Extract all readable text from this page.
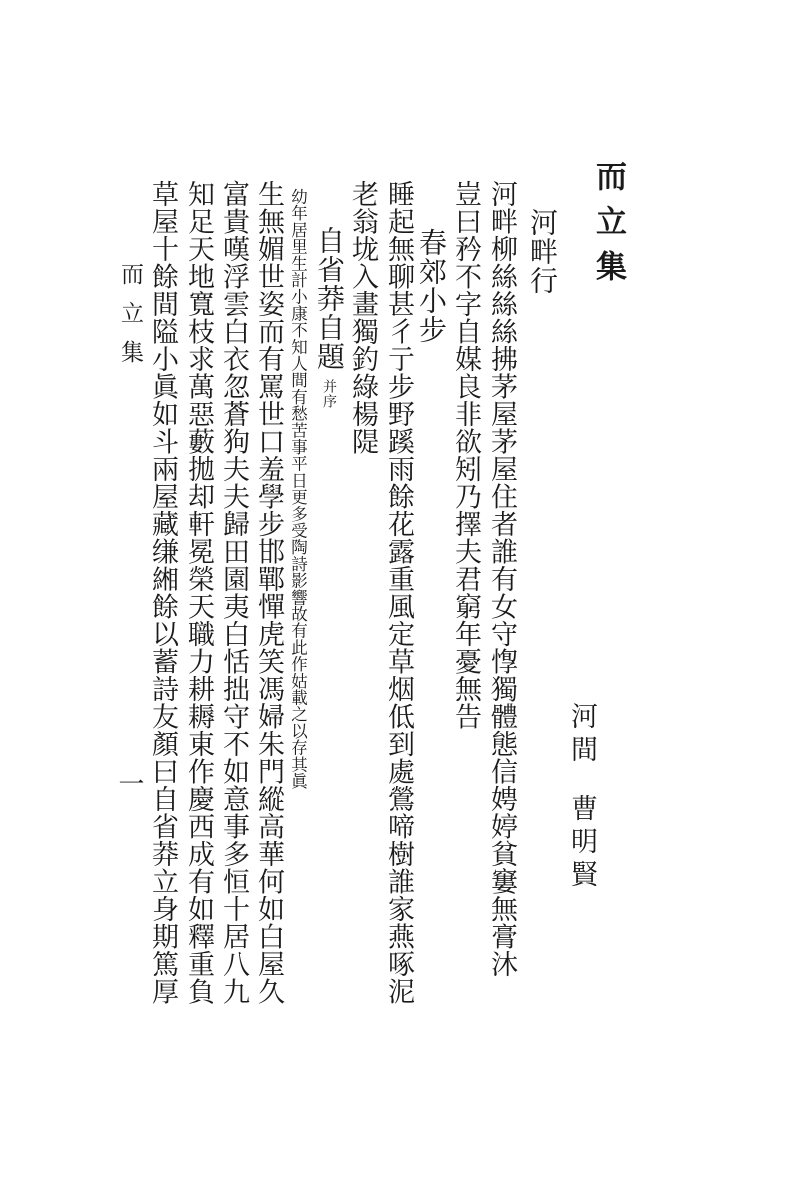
而立集
河畔行
河畔柳絲絲絲拂茅屋茅屋住者誰有女守惸獨體態信娉婷貧窶無膏沐
豈曰矜不字自媒良非欲矧乃擇夫君窮年憂無告
春郊小步
睡起無聊甚彳亍步野蹊雨餘花露重風定草烟低到處鶯啼樹誰家燕啄泥
老翁垅入畫獨釣綠楊隄
自省莽自題并序
幼年居里生計小康不知人間有愁苦事平日更多受陶詩影響故有此作姑載之以存其眞
生無媚世姿而有罵世口羞學步邯鄲憚虎笑馮婦朱門縱高華何如白屋久
富貴嘆浮雲白衣忽蒼狗夫夫歸田園夷白恬拙守不如意事多恒十居八九
知足天地寬枝求萬惡藪拋却軒冕榮天職力耕耨東作慶西成有如釋重負
草屋十餘間隘小眞如斗兩屋藏缣緗餘以蓄詩友顏曰自省莽立身期篤厚	河間
曹明賢
而立集
一
